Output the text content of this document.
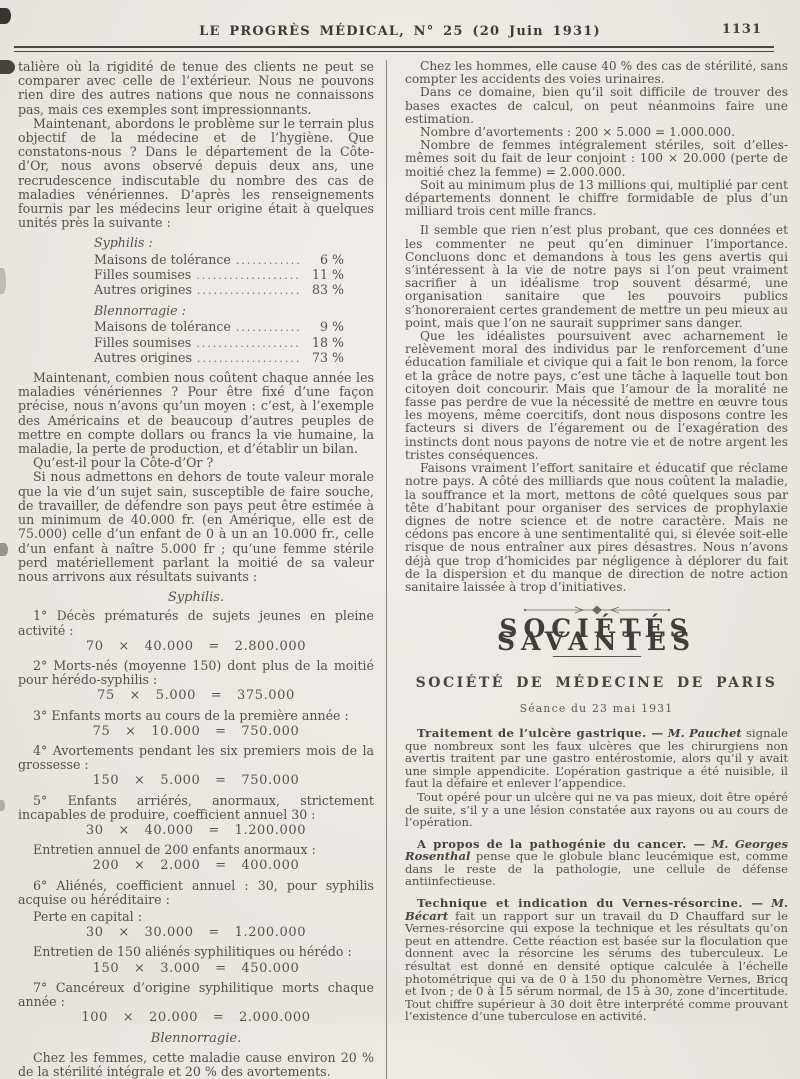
LE PROGRÈS MÉDICAL, N° 25 (20 Juin 1931)	1131

talière où la rigidité de tenue des clients ne peut se comparer avec celle de l’extérieur. Nous ne pouvons rien dire des autres nations que nous ne connaissons pas, mais ces exemples sont impressionnants.

Maintenant, abordons le problème sur le terrain plus objectif de la médecine et de l’hygiène. Que constatons-nous ? Dans le département de la Côte-d’Or, nous avons observé depuis deux ans, une recrudescence indiscutable du nombre des cas de maladies vénériennes. D’après les renseignements fournis par les médecins leur origine était à quelques unités près la suivante :

Syphilis :
Maisons de tolérance .....	6 %
Filles soumises .....	11 %
Autres origines .....	83 %
Blennorragie :
Maisons de tolérance .....	9 %
Filles soumises .....	18 %
Autres origines .....	73 %

Maintenant, combien nous coûtent chaque année les maladies vénériennes ? Pour être fixé d’une façon précise, nous n’avons qu’un moyen : c’est, à l’exemple des Américains et de beaucoup d’autres peuples de mettre en compte dollars ou francs la vie humaine, la maladie, la perte de production, et d’établir un bilan.

Qu’est-il pour la Côte-d’Or ?

Si nous admettons en dehors de toute valeur morale que la vie d’un sujet sain, susceptible de faire souche, de travailler, de défendre son pays peut être estimée à un minimum de 40.000 fr. (en Amérique, elle est de 75.000) celle d’un enfant de 0 à un an 10.000 fr., celle d’un enfant à naître 5.000 fr ; qu’une femme stérile perd matériellement parlant la moitié de sa valeur nous arrivons aux résultats suivants :

Syphilis.

1° Décès prématurés de sujets jeunes en pleine activité :

70 × 40.000 = 2.800.000

2° Morts-nés (moyenne 150) dont plus de la moitié pour hérédo-syphilis :

75 × 5.000 = 375.000

3° Enfants morts au cours de la première année :

75 × 10.000 = 750.000

4° Avortements pendant les six premiers mois de la grossesse :

150 × 5.000 = 750.000

5° Enfants arriérés, anormaux, strictement incapables de produire, coefficient annuel 30 :

30 × 40.000 = 1.200.000

Entretien annuel de 200 enfants anormaux :

200 × 2.000 = 400.000

6° Aliénés, coefficient annuel : 30, pour syphilis acquise ou héréditaire :

Perte en capital :

30 × 30.000 = 1.200.000

Entretien de 150 aliénés syphilitiques ou hérédo :

150 × 3.000 = 450.000

7° Cancéreux d’origine syphilitique morts chaque année :

100 × 20.000 = 2.000.000
Blennorragie.

Chez les femmes, cette maladie cause environ 20 % de la stérilité intégrale et 20 % des avortements.

Chez les hommes, elle cause 40 % des cas de stérilité, sans compter les accidents des voies urinaires.

Dans ce domaine, bien qu’il soit difficile de trouver des bases exactes de calcul, on peut néanmoins faire une estimation.

Nombre d’avortements : 200 × 5.000 = 1.000.000.

Nombre de femmes intégralement stériles, soit d’elles-mêmes soit du fait de leur conjoint : 100 × 20.000 (perte de moitié chez la femme) = 2.000.000.

Soit au minimum plus de 13 millions qui, multiplié par cent départements donnent le chiffre formidable de plus d’un milliard trois cent mille francs.

Il semble que rien n’est plus probant, que ces données et les commenter ne peut qu’en diminuer l’importance. Concluons donc et demandons à tous les gens avertis qui s’intéressent à la vie de notre pays si l’on peut vraiment sacrifier à un idéalisme trop souvent désarmé, une organisation sanitaire que les pouvoirs publics s’honoreraient certes grandement de mettre un peu mieux au point, mais que l’on ne saurait supprimer sans danger.

Que les idéalistes poursuivent avec acharnement le relèvement moral des individus par le renforcement d’une éducation familiale et civique qui a fait le bon renom, la force et la grâce de notre pays, c’est une tâche à laquelle tout bon citoyen doit concourir. Mais que l’amour de la moralité ne fasse pas perdre de vue la nécessité de mettre en œuvre tous les moyens, même coercitifs, dont nous disposons contre les facteurs si divers de l’égarement ou de l’exagération des instincts dont nous payons de notre vie et de notre argent les tristes conséquences.

Faisons vraiment l’effort sanitaire et éducatif que réclame notre pays. A côté des milliards que nous coûtent la maladie, la souffrance et la mort, mettons de côté quelques sous par tête d’habitant pour organiser des services de prophylaxie dignes de notre science et de notre caractère. Mais ne cédons pas encore à une sentimentalité qui, si élevée soit-elle risque de nous entraîner aux pires désastres. Nous n’avons déjà que trop d’homicides par négligence à déplorer du fait de la dispersion et du manque de direction de notre action sanitaire laissée à trop d’initiatives.

SOCIÉTÉS SAVANTES
SOCIÉTÉ DE MÉDECINE DE PARIS
Séance du 23 mai 1931

Traitement de l’ulcère gastrique. — M. Pauchet signale que nombreux sont les faux ulcères que les chirurgiens non avertis traitent par une gastro entérostomie, alors qu’il y avait une simple appendicite. L’opération gastrique a été nuisible, il faut la défaire et enlever l’appendice.

Tout opéré pour un ulcère qui ne va pas mieux, doit être opéré de suite, s’il y a une lésion constatée aux rayons ou au cours de l’opération.

A propos de la pathogénie du cancer. — M. Georges Rosenthal pense que le globule blanc leucémique est, comme dans le reste de la pathologie, une cellule de défense antiinfectieuse.

Technique et indication du Vernes-résorcine. — M. Bécart fait un rapport sur un travail du D Chauffard sur le Vernes-résorcine qui expose la technique et les résultats qu’on peut en attendre. Cette réaction est basée sur la floculation que donnent avec la résorcine les sérums des tuberculeux. Le résultat est donné en densité optique calculée à l’échelle photométrique qui va de 0 à 150 du phonomètre Vernes, Bricq et Ivon ; de 0 à 15 sérum normal, de 15 à 30, zone d’incertitude. Tout chiffre supérieur à 30 doit être interprété comme prouvant l’existence d’une tuberculose en activité.
